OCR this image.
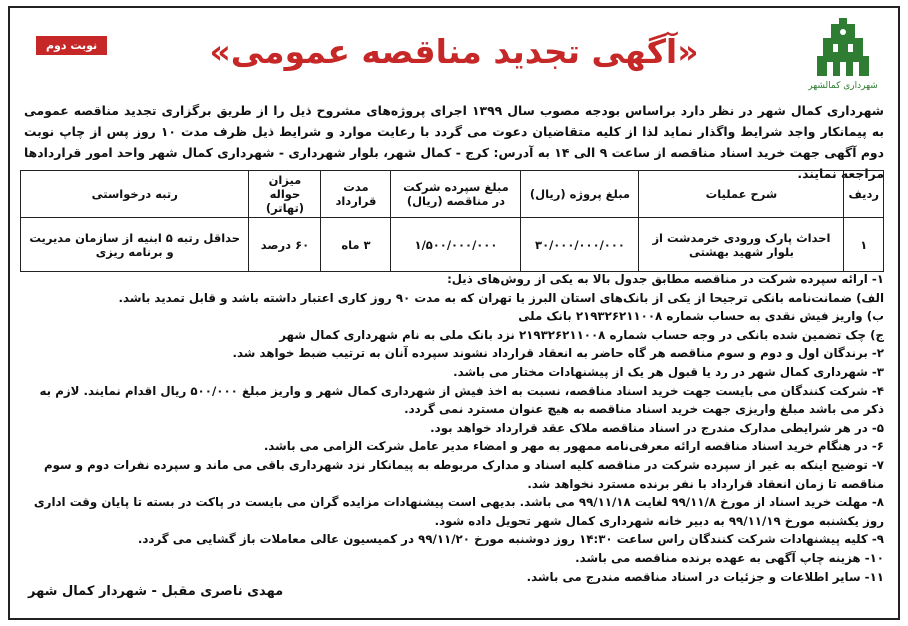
شهرداری کمالشهر
نوبت دوم	«آگهی تجدید مناقصه عمومی»
شهرداری کمال شهر در نظر دارد براساس بودجه مصوب سال ۱۳۹۹ اجرای پروژه‌های مشروح ذیل را از طریق برگزاری تجدید مناقصه عمومی به پیمانکار واجد شرایط واگذار نماید لذا از کلیه متقاضیان دعوت می گردد با رعایت موارد و شرایط ذیل ظرف مدت ۱۰ روز پس از چاپ نوبت دوم آگهی جهت خرید اسناد مناقصه از ساعت ۹ الی ۱۴ به آدرس: کرج - کمال شهر، بلوار شهرداری - شهرداری کمال شهر واحد امور قراردادها مراجعه نمایند.
ردیف	شرح عملیات	مبلغ پروژه (ریال)	مبلغ سپرده شرکت در مناقصه (ریال)	مدت قرارداد	میزان حواله (تهاتر)	رتبه درخواستی
۱	احداث پارک ورودی خرمدشت از بلوار شهید بهشتی	۳۰/۰۰۰/۰۰۰/۰۰۰	۱/۵۰۰/۰۰۰/۰۰۰	۳ ماه	۶۰ درصد	حداقل رتبه ۵ ابنیه از سازمان مدیریت و برنامه ریزی

۱- ارائه سپرده شرکت در مناقصه مطابق جدول بالا به یکی از روش‌های ذیل:

الف) ضمانت‌نامه بانکی ترجیحا از یکی از بانک‌های استان البرز یا تهران که به مدت ۹۰ روز کاری اعتبار داشته باشد و قابل تمدید باشد.

ب) واریز فیش نقدی به حساب شماره ۲۱۹۳۲۶۲۱۱۰۰۸ بانک ملی

ج) چک تضمین شده بانکی در وجه حساب شماره ۲۱۹۳۲۶۲۱۱۰۰۸ نزد بانک ملی به نام شهرداری کمال شهر

۲- برندگان اول و دوم و سوم مناقصه هر گاه حاضر به انعقاد قرارداد نشوند سپرده آنان به ترتیب ضبط خواهد شد.

۳- شهرداری کمال شهر در رد یا قبول هر یک از پیشنهادات مختار می باشد.

۴- شرکت کنندگان می بایست جهت خرید اسناد مناقصه، نسبت به اخذ فیش از شهرداری کمال شهر و واریز مبلغ ۵۰۰/۰۰۰ ریال اقدام نمایند. لازم به ذکر می باشد مبلغ واریزی جهت خرید اسناد مناقصه به هیچ عنوان مسترد نمی گردد.

۵- در هر شرایطی مدارک مندرج در اسناد مناقصه ملاک عقد قرارداد خواهد بود.

۶- در هنگام خرید اسناد مناقصه ارائه معرفی‌نامه ممهور به مهر و امضاء مدیر عامل شرکت الزامی می باشد.

۷- توضیح اینکه به غیر از سپرده شرکت در مناقصه کلیه اسناد و مدارک مربوطه به پیمانکار نزد شهرداری باقی می ماند و سپرده نفرات دوم و سوم مناقصه تا زمان انعقاد قرارداد با نفر برنده مسترد نخواهد شد.

۸- مهلت خرید اسناد از مورخ ۹۹/۱۱/۸ لغایت ۹۹/۱۱/۱۸ می باشد. بدیهی است پیشنهادات مزایده گران می بایست در پاکت در بسته تا پایان وقت اداری روز یکشنبه مورخ ۹۹/۱۱/۱۹ به دبیر خانه شهرداری کمال شهر تحویل داده شود.

۹- کلیه پیشنهادات شرکت کنندگان راس ساعت ۱۴:۳۰ روز دوشنبه مورخ ۹۹/۱۱/۲۰ در کمیسیون عالی معاملات باز گشایی می گردد.

۱۰- هزینه چاپ آگهی به عهده برنده مناقصه می باشد.

۱۱- سایر اطلاعات و جزئیات در اسناد مناقصه مندرج می باشد.

مهدی ناصری مقبل - شهردار کمال شهر
